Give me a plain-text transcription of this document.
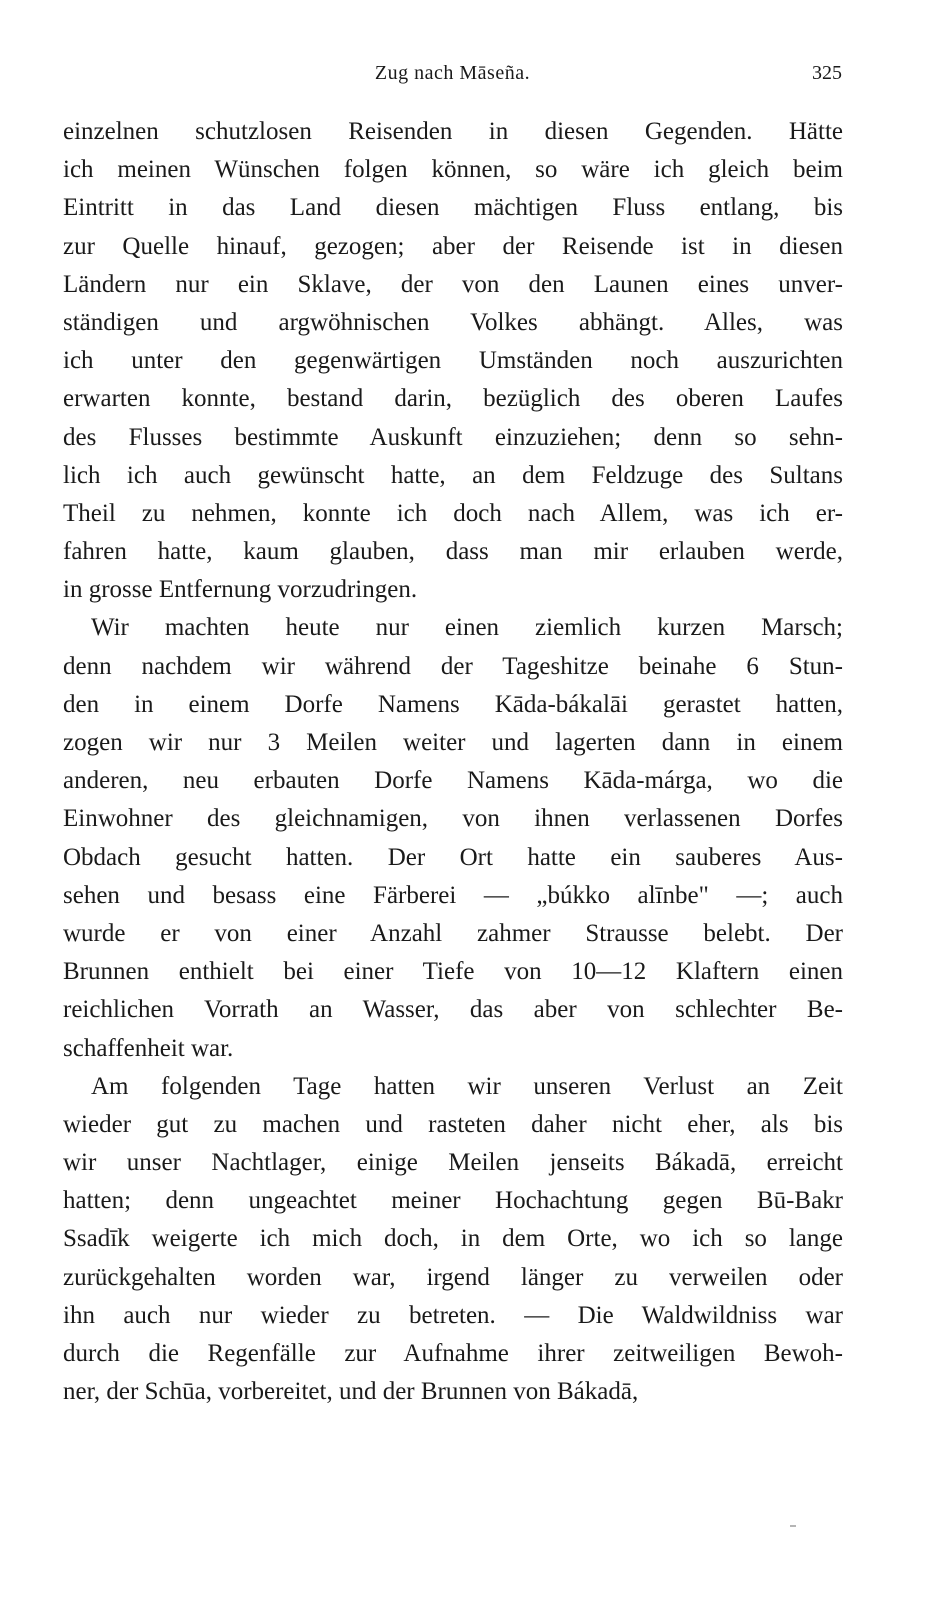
Zug nach Māseña.	325
einzelnen schutzlosen Reisenden in diesen Gegenden. Hätte
ich meinen Wünschen folgen können, so wäre ich gleich beim
Eintritt in das Land diesen mächtigen Fluss entlang, bis
zur Quelle hinauf, gezogen; aber der Reisende ist in diesen
Ländern nur ein Sklave, der von den Launen eines unver-
ständigen und argwöhnischen Volkes abhängt. Alles, was
ich unter den gegenwärtigen Umständen noch auszurichten
erwarten konnte, bestand darin, bezüglich des oberen Laufes
des Flusses bestimmte Auskunft einzuziehen; denn so sehn-
lich ich auch gewünscht hatte, an dem Feldzuge des Sultans
Theil zu nehmen, konnte ich doch nach Allem, was ich er-
fahren hatte, kaum glauben, dass man mir erlauben werde,
in grosse Entfernung vorzudringen.
Wir machten heute nur einen ziemlich kurzen Marsch;
denn nachdem wir während der Tageshitze beinahe 6 Stun-
den in einem Dorfe Namens Kāda-bákalāi gerastet hatten,
zogen wir nur 3 Meilen weiter und lagerten dann in einem
anderen, neu erbauten Dorfe Namens Kāda-márga, wo die
Einwohner des gleichnamigen, von ihnen verlassenen Dorfes
Obdach gesucht hatten. Der Ort hatte ein sauberes Aus-
sehen und besass eine Färberei — „búkko alīnbe" —; auch
wurde er von einer Anzahl zahmer Strausse belebt. Der
Brunnen enthielt bei einer Tiefe von 10—12 Klaftern einen
reichlichen Vorrath an Wasser, das aber von schlechter Be-
schaffenheit war.
Am folgenden Tage hatten wir unseren Verlust an Zeit
wieder gut zu machen und rasteten daher nicht eher, als bis
wir unser Nachtlager, einige Meilen jenseits Bákadā, erreicht
hatten; denn ungeachtet meiner Hochachtung gegen Bū-Bakr
Ssadīk weigerte ich mich doch, in dem Orte, wo ich so lange
zurückgehalten worden war, irgend länger zu verweilen oder
ihn auch nur wieder zu betreten. — Die Waldwildniss war
durch die Regenfälle zur Aufnahme ihrer zeitweiligen Bewoh-
ner, der Schūa, vorbereitet, und der Brunnen von Bákadā,
